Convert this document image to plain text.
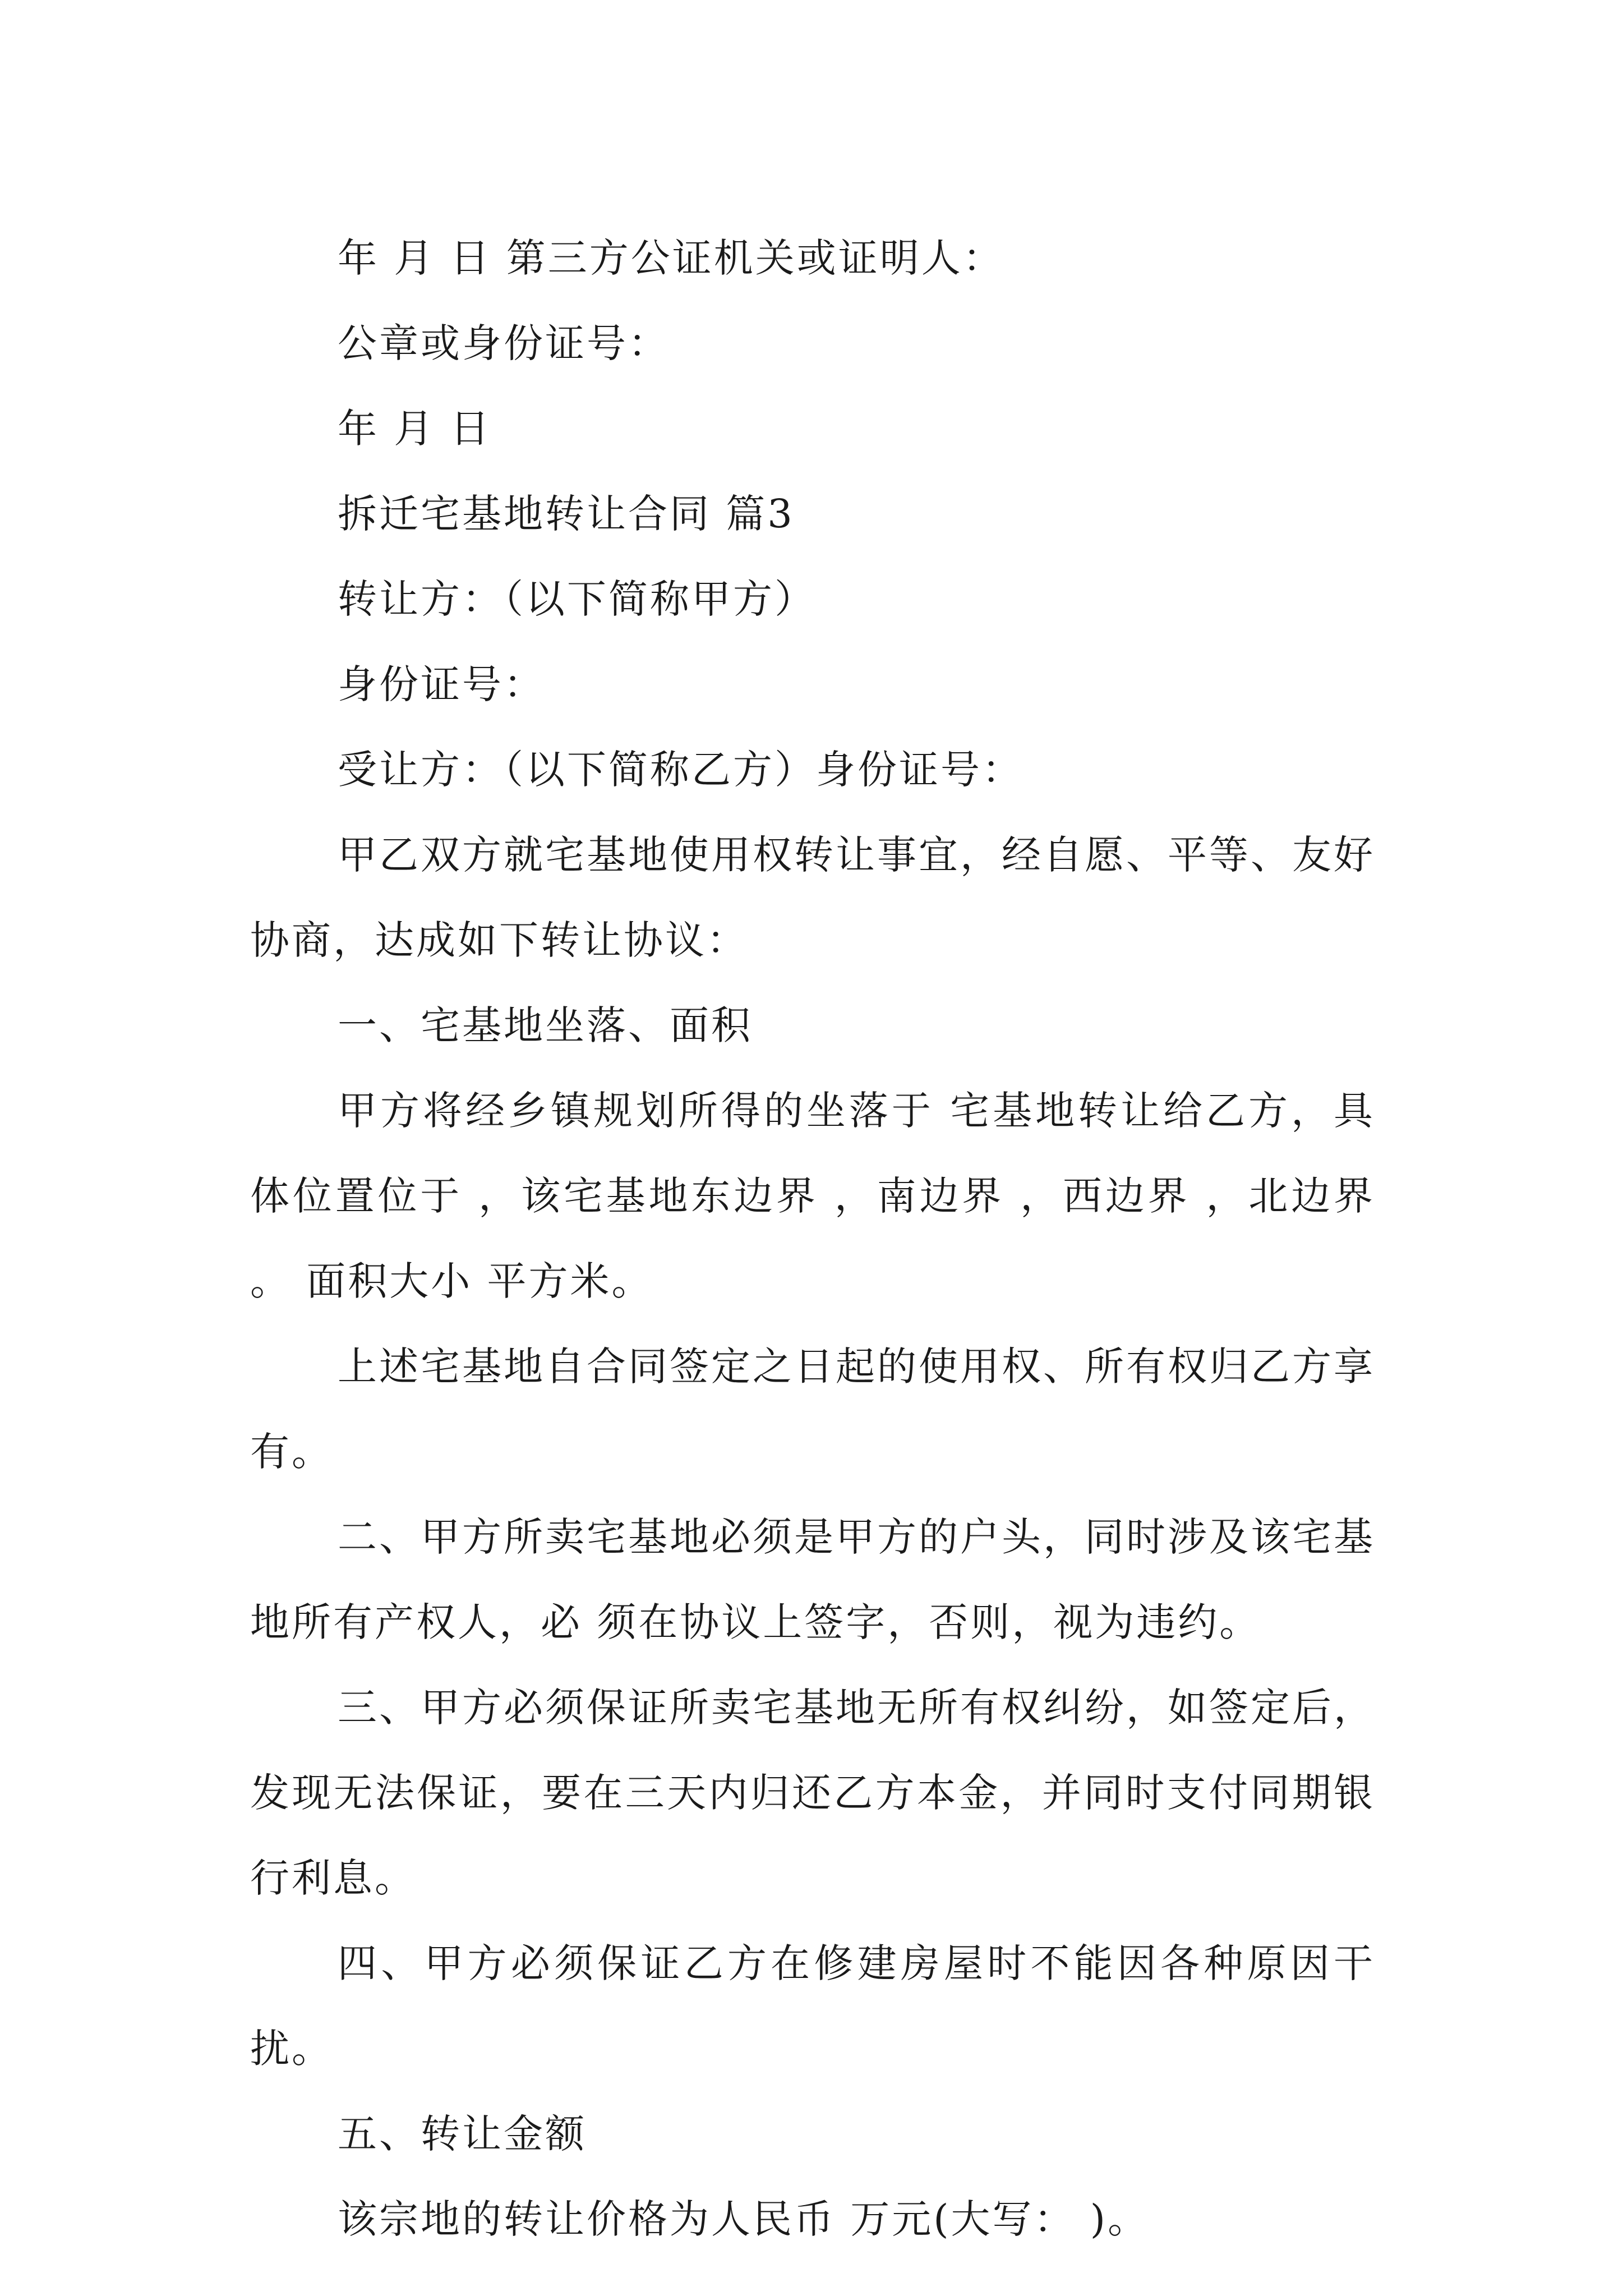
年 月 日 第三方公证机关或证明人：
公章或身份证号：
年 月 日
拆迁宅基地转让合同 篇3
转让方：（以下简称甲方）
身份证号：
受让方：（以下简称乙方）身份证号：
甲乙双方就宅基地使用权转让事宜，经自愿、平等、友好协商，达成如下转让协议：
一、宅基地坐落、面积
甲方将经乡镇规划所得的坐落于 宅基地转让给乙方，具体位置位于 ，该宅基地东边界 ，南边界 ，西边界 ，北边界 。 面积大小 平方米。
上述宅基地自合同签定之日起的使用权、所有权归乙方享有。
二、甲方所卖宅基地必须是甲方的户头，同时涉及该宅基地所有产权人，必 须在协议上签字，否则，视为违约。
三、甲方必须保证所卖宅基地无所有权纠纷，如签定后，发现无法保证，要在三天内归还乙方本金，并同时支付同期银行利息。
四、甲方必须保证乙方在修建房屋时不能因各种原因干扰。
五、转让金额
该宗地的转让价格为人民币 万元(大写： )。
